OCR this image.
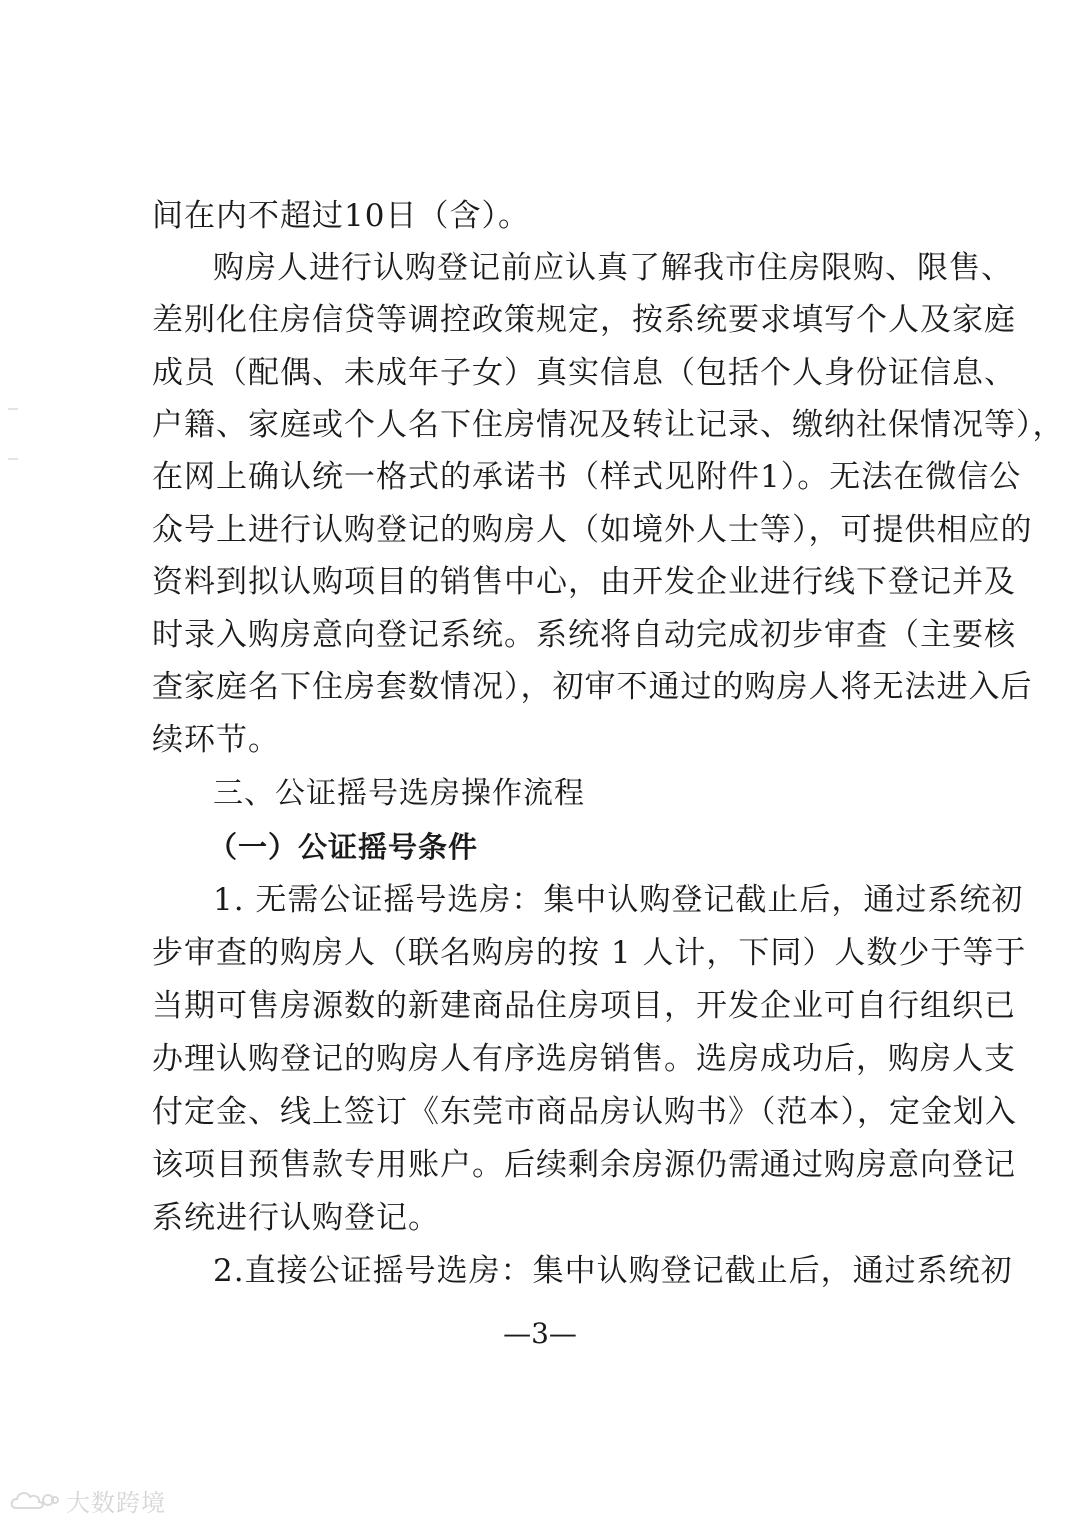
间在内不超过10日（含）。
购房人进行认购登记前应认真了解我市住房限购、限售、
差别化住房信贷等调控政策规定，按系统要求填写个人及家庭
成员（配偶、未成年子女）真实信息（包括个人身份证信息、
户籍、家庭或个人名下住房情况及转让记录、缴纳社保情况等），
在网上确认统一格式的承诺书（样式见附件1）。无法在微信公
众号上进行认购登记的购房人（如境外人士等），可提供相应的
资料到拟认购项目的销售中心，由开发企业进行线下登记并及
时录入购房意向登记系统。系统将自动完成初步审查（主要核
查家庭名下住房套数情况），初审不通过的购房人将无法进入后
续环节。
三、公证摇号选房操作流程
（一）公证摇号条件
1. 无需公证摇号选房：集中认购登记截止后，通过系统初
步审查的购房人（联名购房的按 1 人计，下同）人数少于等于
当期可售房源数的新建商品住房项目，开发企业可自行组织已
办理认购登记的购房人有序选房销售。选房成功后，购房人支
付定金、线上签订《东莞市商品房认购书》（范本），定金划入
该项目预售款专用账户。后续剩余房源仍需通过购房意向登记
系统进行认购登记。
2.直接公证摇号选房：集中认购登记截止后，通过系统初
—3—
大数跨境
